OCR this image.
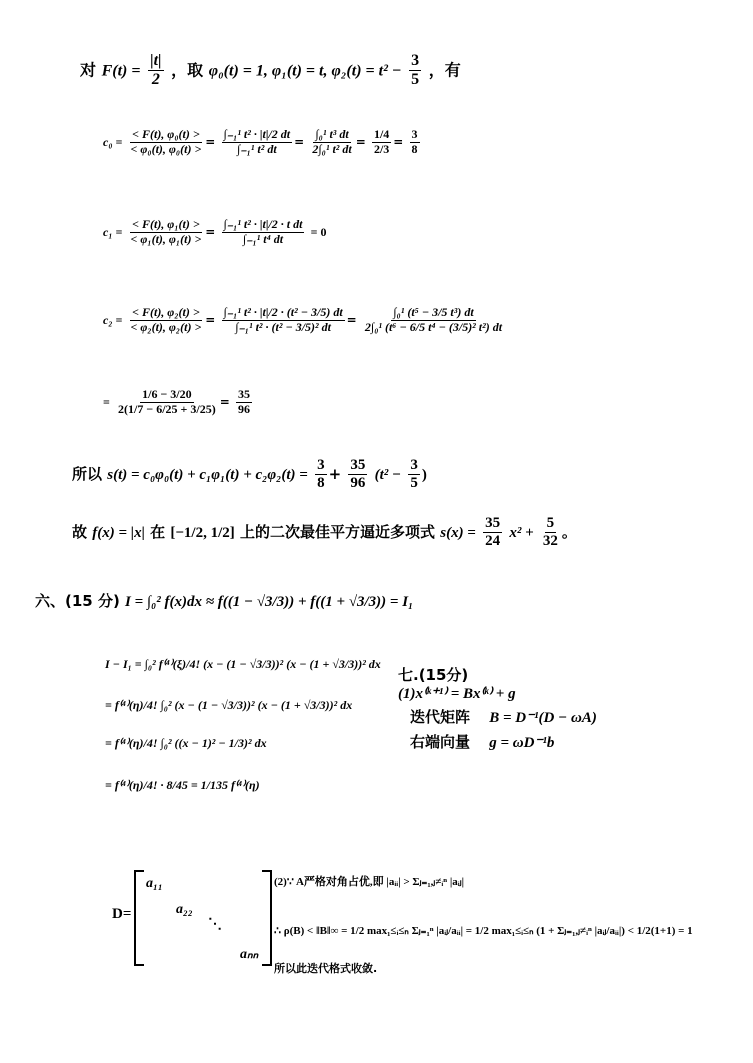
对 $F(t) = \frac{|t|}{2}$ ，取 φ₀(t) = 1, φ₁(t) = t, $\varphi_2(t) = t^2 - \frac{3}{5}$ ，有
$c_0 = \frac{\text{< F(t), φ₀(t) >}}{\text{< φ₀(t), φ₀(t) >}} = \frac{\text{∫₋₁¹ t² · |t|/2 dt}}{\text{∫₋₁¹ t² dt}} = \frac{\text{∫₀¹ t³ dt}}{\text{2∫₀¹ t² dt}} = \frac{1/4}{2/3} = \frac{3}{8}$
$c_1 = \frac{\text{< F(t), φ₁(t) >}}{\text{< φ₁(t), φ₁(t) >}} = \frac{\text{∫₋₁¹ t² · |t|/2 · t dt}}{\text{∫₋₁¹ t⁴ dt}} = 0$
$c_2 = \frac{\text{< F(t), φ₂(t) >}}{\text{< φ₂(t), φ₂(t) >}} = \frac{\text{∫₋₁¹ t² · |t|/2 · (t² − 3/5) dt}}{\text{∫₋₁¹ t² · (t² − 3/5)² dt}} = \frac{\text{∫₀¹ (t⁵ − 3/5 t³) dt}}{\text{2∫₀¹ (t⁶ − 6/5 t⁴ − (3/5)² t²) dt}}$
= $\frac{1/6 - 3/20}{2(1/7 - 6/25 + 3/25)} = \frac{35}{96}$
所以 $s(t) = c_0\varphi_0(t) + c_1\varphi_1(t) + c_2\varphi_2(t) = \frac{3}{8} + \frac{35}{96} (t^2 - \frac{3}{5}$ )
故 f(x) = |x| 在 [−1/2, 1/2] 上的二次最佳平方逼近多项式 $s(x) = \frac{35}{24} x^2 + \frac{5}{32}$ 。
六、(15 分) I = ∫₀² f(x)dx ≈ f((1 − √3/3)) + f((1 + √3/3)) = I₁
I − I₁ = ∫₀² f⁽⁴⁾(ξ)/4! (x − (1 − √3/3))² (x − (1 + √3/3))² dx
= f⁽⁴⁾(η)/4! ∫₀² (x − (1 − √3/3))² (x − (1 + √3/3))² dx
= f⁽⁴⁾(η)/4! ∫₀² ((x − 1)² − 1/3)² dx
= f⁽⁴⁾(η)/4! · 8/45 = 1/135 f⁽⁴⁾(η)
七.(15分)
(1)x⁽ᵏ⁺¹⁾ = Bx⁽ᵏ⁾ + g
迭代矩阵 B = D⁻¹(D − ωA)
右端向量 g = ωD⁻¹b
D=
a₁₁
a₂₂
⋱
aₙₙ
(2)∵ A严格对角占优,即 |aᵢᵢ| > Σⱼ₌₁,ⱼ≠ᵢⁿ |aᵢⱼ|
∴ ρ(B) < ‖B‖∞ = 1/2 max₁≤ᵢ≤ₙ Σⱼ₌₁ⁿ |aᵢⱼ/aᵢᵢ| = 1/2 max₁≤ᵢ≤ₙ (1 + Σⱼ₌₁,ⱼ≠ᵢⁿ |aᵢⱼ/aᵢᵢ|) < 1/2(1+1) = 1
所以此迭代格式收敛.
